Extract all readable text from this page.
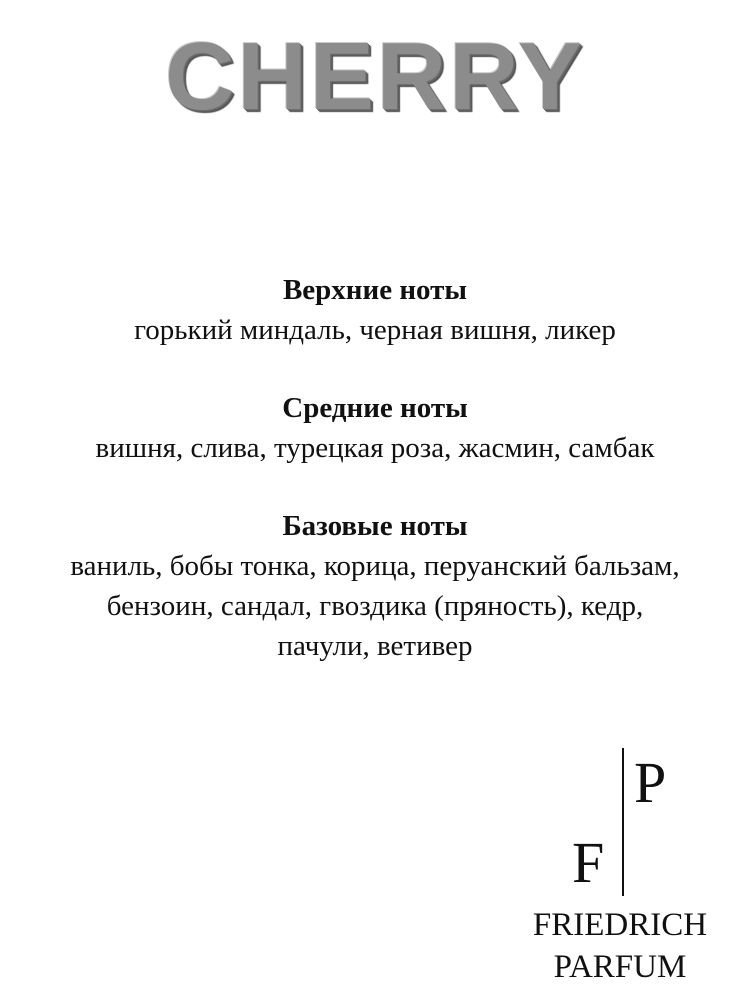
CHERRY

Верхние ноты

горький миндаль, черная вишня, ликер

Средние ноты

вишня, слива, турецкая роза, жасмин, самбак

Базовые ноты

ваниль, бобы тонка, корица, перуанский бальзам,

бензоин, сандал, гвоздика (пряность), кедр,

пачули, ветивер

P
F
FRIEDRICH
PARFUM
